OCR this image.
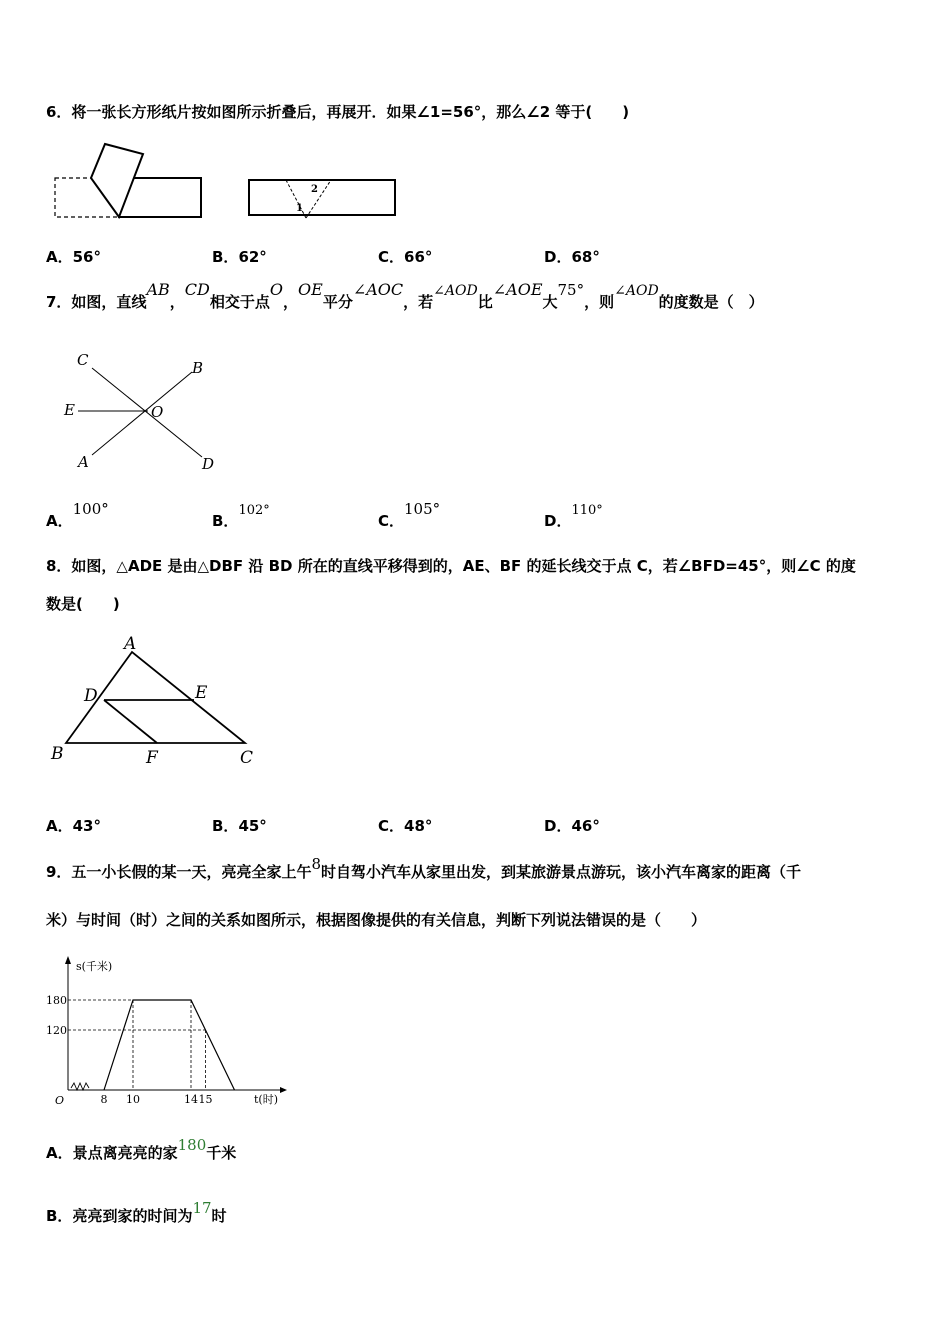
6．将一张长方形纸片按如图所示折叠后，再展开．如果∠1=56°，那么∠2 等于(　　)
2
1
A．56°	B．62°	C．66°	D．68°
7．如图，直线AB，CD相交于点O，OE平分∠AOC，若∠AOD比∠AOE大75°，则∠AOD的度数是（　）
C	B
E	O
A	D
A．100°
B．102°
C．105°
D．110°
8．如图，△ADE 是由△DBF 沿 BD 所在的直线平移得到的，AE、BF 的延长线交于点 C，若∠BFD=45°，则∠C 的度
数是(　　)
A
D	E
B	F	C
A．43°	B．45°	C．48°	D．46°
9．五一小长假的某一天，亮亮全家上午8时自驾小汽车从家里出发，到某旅游景点游玩，该小汽车离家的距离（千
米）与时间（时）之间的关系如图所示，根据图像提供的有关信息，判断下列说法错误的是（　　）
s(千米)
t(时)
O
180
120
8 10	14 15
A．景点离亮亮的家180千米
B．亮亮到家的时间为17时
